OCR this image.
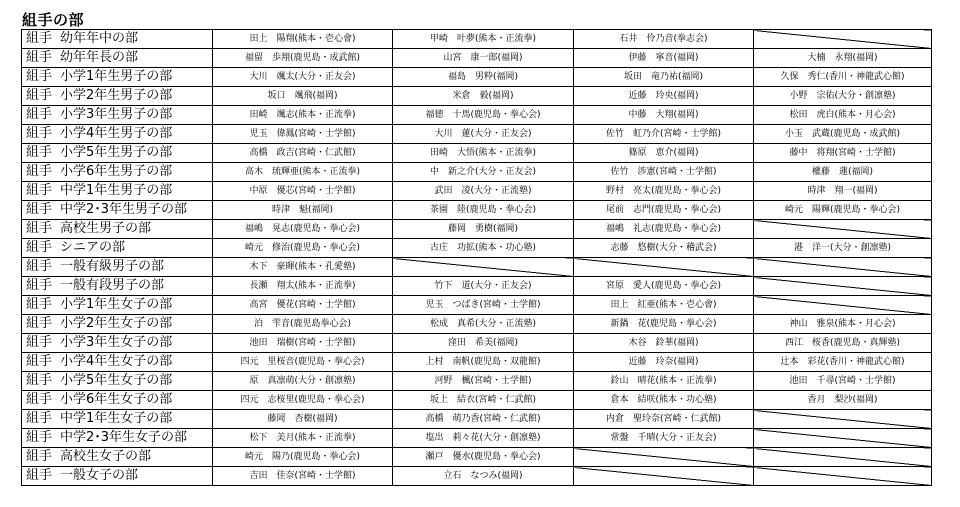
組手の部
組手 幼年年中の部	田上　陽翔(熊本・壱心會)	甲崎　叶夢(熊本・正流拳)	石井　伶乃音(拳志会)	
組手 幼年年長の部	福留　歩翔(鹿児島・成武館)	山宮　康一郎(福岡)	伊藤　寧音(福岡)	大楠　永翔(福岡)
組手 小学1年生男子の部	大川　颯太(大分・正友会)	福島　男粋(福岡)	坂田　竜乃祐(福岡)	久保　秀仁(香川・神龍武心館)
組手 小学2年生男子の部	坂口　颯飛(福岡)	米倉　毅(福岡)	近藤　玲央(福岡)	小野　宗佑(大分・創凛塾)
組手 小学3年生男子の部	田崎　颯志(熊本・正流拳)	福徳　十馬(鹿児島・拳心会)	中藤　大翔(福岡)	松田　虎白(熊本・月心会)
組手 小学4年生男子の部	児玉　偉鳳(宮崎・士学館)	大川　蓮(大分・正友会)	佐竹　虹乃介(宮崎・士学館)	小玉　武蔵(鹿児島・成武館)
組手 小学5年生男子の部	高橋　政吉(宮崎・仁武館)	田崎　大悟(熊本・正流拳)	篠原　恵介(福岡)	藤中　将翔(宮崎・士学館)
組手 小学6年生男子の部	高木　琉輝亜(熊本・正流拳)	中　新之介(大分・正友会)	佐竹　渉憲(宮崎・士学館)	權藤　蓮(福岡)
組手 中学1年生男子の部	中原　優芯(宮崎・士学館)	武田　凌(大分・正流塾)	野村　亮太(鹿児島・拳心会)	時津　翔一(福岡)
組手 中学2･3年生男子の部	時津　魁(福岡)	茶園　陸(鹿児島・拳心会)	尾前　志門(鹿児島・拳心会)	崎元　陽輝(鹿児島・拳心会)
組手 高校生男子の部	福嶋　晃志(鹿児島・拳心会)	藤岡　勇樹(福岡)	福嶋　礼志(鹿児島・拳心会)	
組手 シニアの部	崎元　修治(鹿児島・拳心会)	古庄　功拡(熊本・功心塾)	志藤　悠樹(大分・稽武会)	港　洋一(大分・創凛塾)
組手 一般有級男子の部	木下　豪暉(熊本・孔愛塾)			
組手 一般有段男子の部	長瀬　翔太(熊本・正流拳)	竹下　道(大分・正友会)	宮原　愛人(鹿児島・拳心会)	
組手 小学1年生女子の部	高宮　優花(宮崎・士学館)	児玉　つばき(宮崎・士学館)	田上　紅亜(熊本・壱心會)	
組手 小学2年生女子の部	泊　雫音(鹿児島拳心会)	松成　真希(大分・正流塾)	新鍋　花(鹿児島・拳心会)	神山　雅泉(熊本・月心会)
組手 小学3年生女子の部	池田　瑞樹(宮崎・士学館)	窪田　希美(福岡)	木谷　鈴華(福岡)	西江　桜香(鹿児島・真輝塾)
組手 小学4年生女子の部	四元　里桜音(鹿児島・拳心会)	上村　南帆(鹿児島・双龍館)	近藤　玲奈(福岡)	辻本　彩花(香川・神龍武心館)
組手 小学5年生女子の部	原　真凛萌(大分・創凛塾)	河野　楓(宮崎・士学館)	鈴山　晴花(熊本・正流拳)	池田　千尋(宮崎・士学館)
組手 小学6年生女子の部	四元　志桜里(鹿児島・拳心会)	坂上　結衣(宮崎・仁武館)	倉本　結咲(熊本・功心塾)	香月　梨沙(福岡)
組手 中学1年生女子の部	藤岡　杏樹(福岡)	高橋　萌乃香(宮崎・仁武館)	内倉　聖玲奈(宮崎・仁武館)	
組手 中学2･3年生女子の部	松下　美月(熊本・正流拳)	塩出　莉々花(大分・創凛塾)	常盤　千晴(大分・正友会)	
組手 高校生女子の部	崎元　陽乃(鹿児島・拳心会)	瀬戸　優水(鹿児島・拳心会)		
組手 一般女子の部	吉田　佳奈(宮崎・士学館)	立石　なつみ(福岡)		
